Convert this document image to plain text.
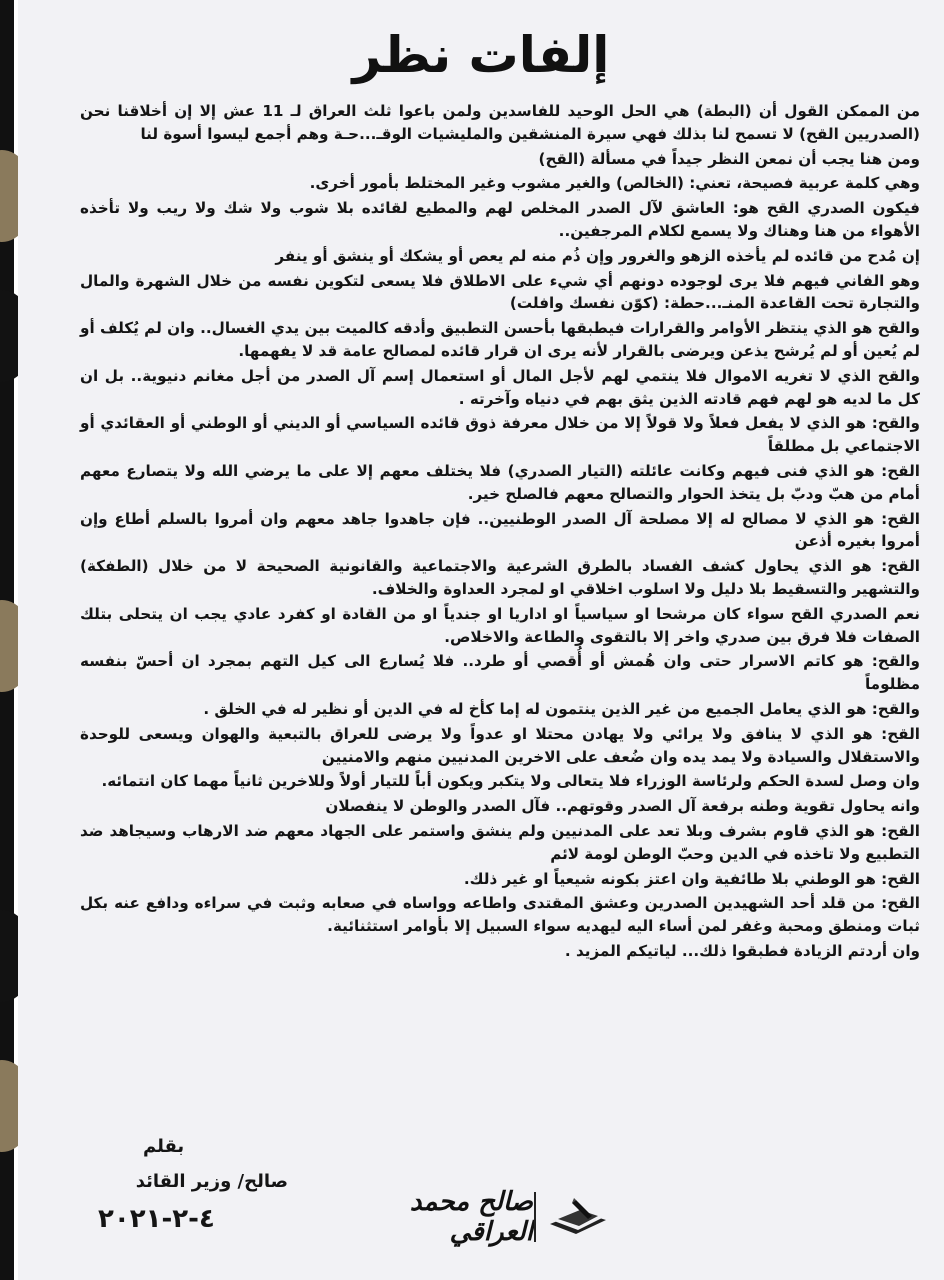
إلفات نظر

من الممكن القول أن (البطة) هي الحل الوحيد للفاسدين ولمن باعوا ثلث العراق لـ 11 عش إلا إن أخلاقنا نحن (الصدريين القح) لا تسمح لنا بذلك فهي سيرة المنشقين والمليشيات الوقـ...حـة وهم أجمع ليسوا أسوة لنا

ومن هنا يجب أن نمعن النظر جيداً في مسألة (القح)

وهي كلمة عربية فصيحة، تعني: (الخالص) والغير مشوب وغير المختلط بأمور أخرى.

فيكون الصدري القح هو: العاشق لآل الصدر المخلص لهم والمطيع لقائده بلا شوب ولا شك ولا ريب ولا تأخذه الأهواء من هنا وهناك ولا يسمع لكلام المرجفين..

إن مُدح من قائده لم يأخذه الزهو والغرور وإن ذُم منه لم يعص أو يشكك أو ينشق أو ينفر

وهو الفاني فيهم فلا يرى لوجوده دونهم أي شيء على الاطلاق فلا يسعى لتكوين نفسه من خلال الشهرة والمال والتجارة تحت القاعدة المنـ...حطة: (كوّن نفسك وافلت)

والقح هو الذي ينتظر الأوامر والقرارات فيطبقها بأحسن التطبيق وأدقه كالميت بين يدي الغسال.. وان لم يُكلف أو لم يُعين أو لم يُرشح يذعن ويرضى بالقرار لأنه يرى ان قرار قائده لمصالح عامة قد لا يفهمها.

والقح الذي لا تغريه الاموال فلا ينتمي لهم لأجل المال أو استعمال إسم آل الصدر من أجل مغانم دنيوية.. بل ان كل ما لديه هو لهم فهم قادته الذين يثق بهم في دنياه وآخرته .

والقح: هو الذي لا يفعل فعلاً ولا قولاً إلا من خلال معرفة ذوق قائده السياسي أو الديني أو الوطني أو العقائدي أو الاجتماعي بل مطلقاً

القح: هو الذي فنى فيهم وكانت عائلته (التيار الصدري) فلا يختلف معهم إلا على ما يرضي الله ولا يتصارع معهم أمام من هبّ ودبّ بل يتخذ الحوار والتصالح معهم فالصلح خير.

القح: هو الذي لا مصالح له إلا مصلحة آل الصدر الوطنيين.. فإن جاهدوا جاهد معهم وان أمروا بالسلم أطاع وإن أمروا بغيره أذعن

القح: هو الذي يحاول كشف الفساد بالطرق الشرعية والاجتماعية والقانونية الصحيحة لا من خلال (الطفكة) والتشهير والتسقيط بلا دليل ولا اسلوب اخلاقي او لمجرد العداوة والخلاف.

نعم الصدري القح سواء كان مرشحا او سياسياً او اداريا او جندياً او من القادة او كفرد عادي يجب ان يتحلى بتلك الصفات فلا فرق بين صدري واخر إلا بالتقوى والطاعة والاخلاص.

والقح: هو كاتم الاسرار حتى وان هُمش أو أُقصي أو طرد.. فلا يُسارع الى كيل التهم بمجرد ان أحسّ بنفسه مظلوماً

والقح: هو الذي يعامل الجميع من غير الذين ينتمون له إما كأخ له في الدين أو نظير له في الخلق .

القح: هو الذي لا ينافق ولا يرائي ولا يهادن محتلا او عدواً ولا يرضى للعراق بالتبعية والهوان ويسعى للوحدة والاستقلال والسيادة ولا يمد يده وان ضُعف على الاخرين المدنيين منهم والامنيين

وان وصل لسدة الحكم ولرئاسة الوزراء فلا يتعالى ولا يتكبر ويكون أباً للتيار أولاً وللاخرين ثانياً مهما كان انتمائه.

وانه يحاول تقوية وطنه برفعة آل الصدر وقوتهم.. فآل الصدر والوطن لا ينفصلان

القح: هو الذي قاوم بشرف وبلا تعد على المدنيين ولم ينشق واستمر على الجهاد معهم ضد الارهاب وسيجاهد ضد التطبيع ولا تاخذه في الدين وحبّ الوطن لومة لائم

القح: هو الوطني بلا طائفية وان اعتز بكونه شيعياً او غير ذلك.

القح: من قلد أحد الشهيدين الصدرين وعشق المقتدى واطاعه وواساه في صعابه وثبت في سراءه ودافع عنه بكل ثبات ومنطق ومحبة وغفر لمن أساء اليه ليهديه سواء السبيل إلا بأوامر استثنائية.

وان أردتم الزيادة فطبقوا ذلك... لياتيكم المزيد .

بقلم
صالح/ وزير القائد
٤-٢-٢٠٢١
صالح محمد العراقي
